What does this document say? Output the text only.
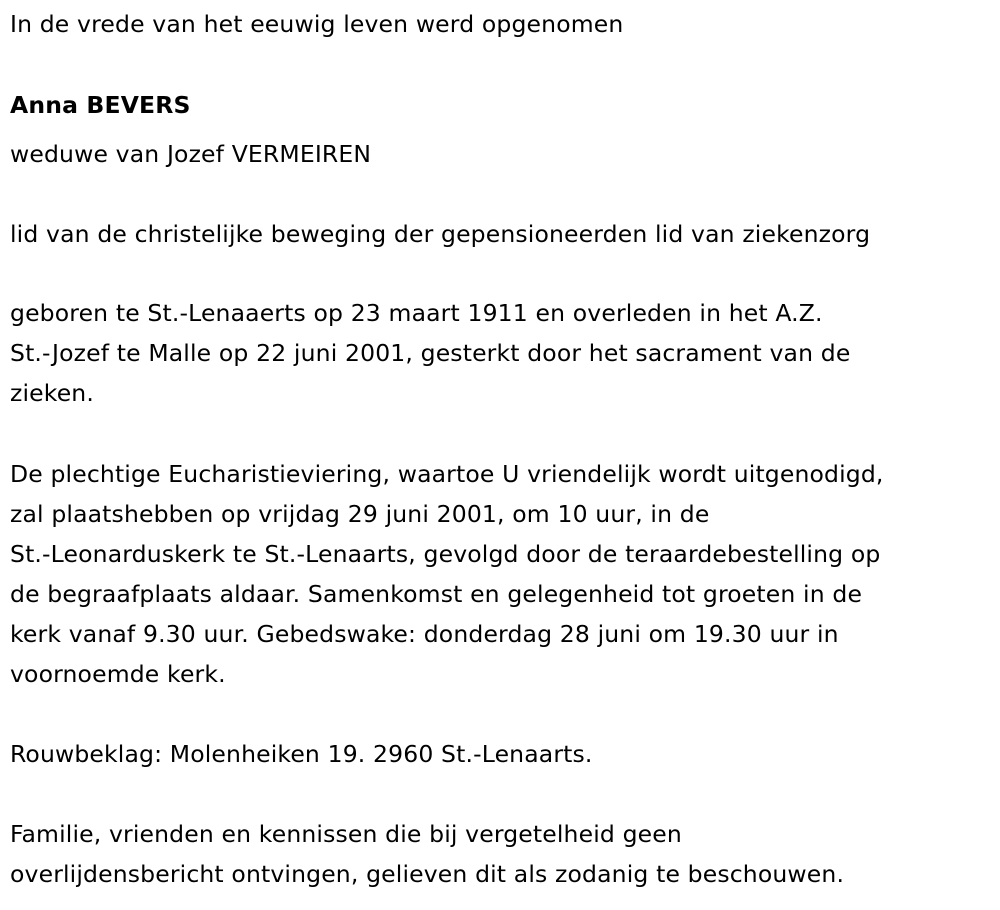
In de vrede van het eeuwig leven werd opgenomen
Anna BEVERS
weduwe van Jozef VERMEIREN
lid van de christelijke beweging der gepensioneerden lid van ziekenzorg
geboren te St.-Lenaaerts op 23 maart 1911 en overleden in het A.Z.
St.-Jozef te Malle op 22 juni 2001, gesterkt door het sacrament van de
zieken.
De plechtige Eucharistieviering, waartoe U vriendelijk wordt uitgenodigd,
zal plaatshebben op vrijdag 29 juni 2001, om 10 uur, in de
St.-Leonarduskerk te St.-Lenaarts, gevolgd door de teraardebestelling op
de begraafplaats aldaar. Samenkomst en gelegenheid tot groeten in de
kerk vanaf 9.30 uur. Gebedswake: donderdag 28 juni om 19.30 uur in
voornoemde kerk.
Rouwbeklag: Molenheiken 19. 2960 St.-Lenaarts.
Familie, vrienden en kennissen die bij vergetelheid geen
overlijdensbericht ontvingen, gelieven dit als zodanig te beschouwen.
